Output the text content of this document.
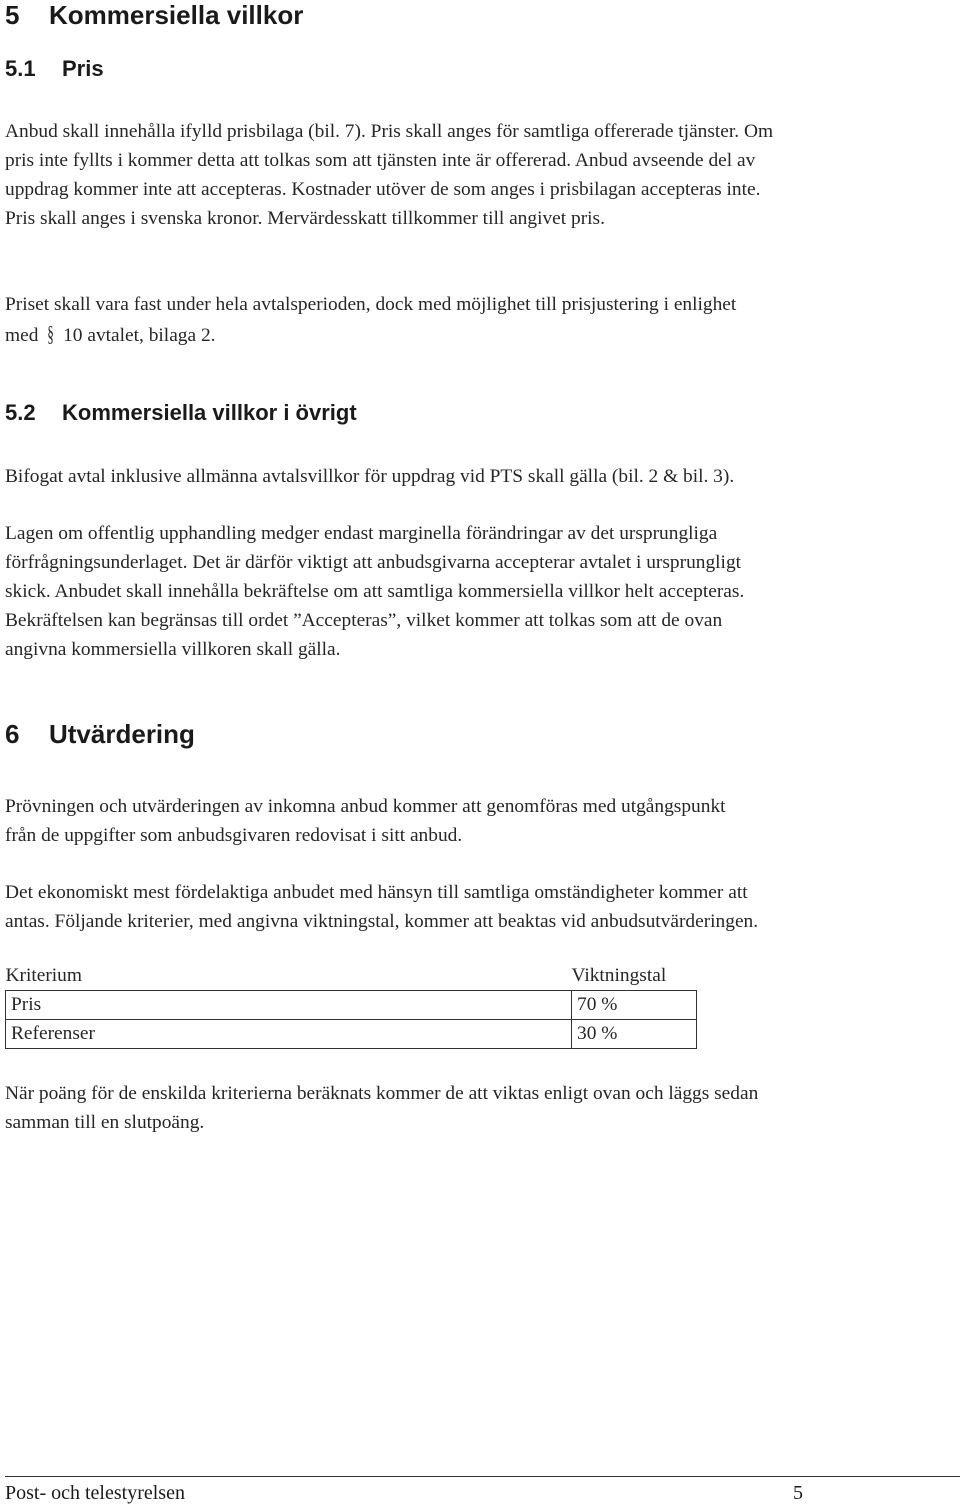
5 Kommersiella villkor
5.1 Pris
Anbud skall innehålla ifylld prisbilaga (bil. 7). Pris skall anges för samtliga offererade tjänster. Om
pris inte fyllts i kommer detta att tolkas som att tjänsten inte är offererad. Anbud avseende del av
uppdrag kommer inte att accepteras. Kostnader utöver de som anges i prisbilagan accepteras inte.
Pris skall anges i svenska kronor. Mervärdesskatt tillkommer till angivet pris.
Priset skall vara fast under hela avtalsperioden, dock med möjlighet till prisjustering i enlighet
med § 10 avtalet, bilaga 2.
5.2 Kommersiella villkor i övrigt
Bifogat avtal inklusive allmänna avtalsvillkor för uppdrag vid PTS skall gälla (bil. 2 & bil. 3).
Lagen om offentlig upphandling medger endast marginella förändringar av det ursprungliga
förfrågningsunderlaget. Det är därför viktigt att anbudsgivarna accepterar avtalet i ursprungligt
skick. Anbudet skall innehålla bekräftelse om att samtliga kommersiella villkor helt accepteras.
Bekräftelsen kan begränsas till ordet ”Accepteras”, vilket kommer att tolkas som att de ovan
angivna kommersiella villkoren skall gälla.
6 Utvärdering
Prövningen och utvärderingen av inkomna anbud kommer att genomföras med utgångspunkt
från de uppgifter som anbudsgivaren redovisat i sitt anbud.
Det ekonomiskt mest fördelaktiga anbudet med hänsyn till samtliga omständigheter kommer att
antas. Följande kriterier, med angivna viktningstal, kommer att beaktas vid anbudsutvärderingen.
Kriterium	Viktningstal
Pris	70 %
Referenser	30 %
När poäng för de enskilda kriterierna beräknats kommer de att viktas enligt ovan och läggs sedan
samman till en slutpoäng.
Post- och telestyrelsen	5
